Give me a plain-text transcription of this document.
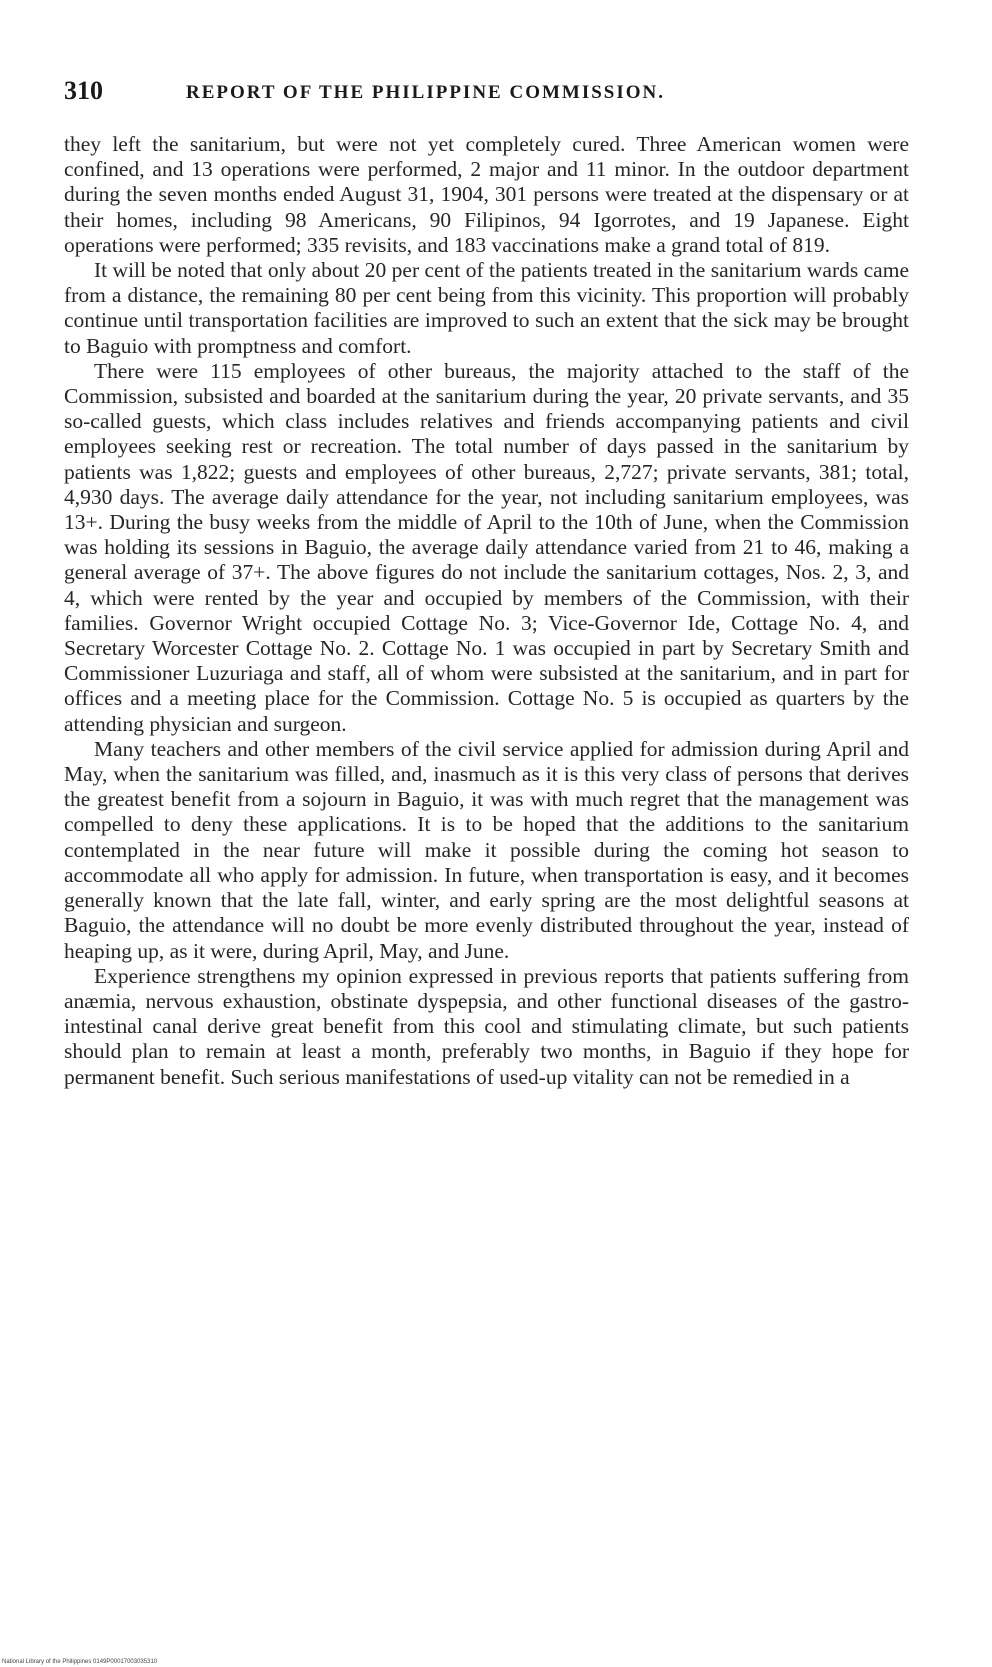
310	REPORT OF THE PHILIPPINE COMMISSION.

they left the sanitarium, but were not yet completely cured. Three American women were confined, and 13 operations were performed, 2 major and 11 minor. In the outdoor department during the seven months ended August 31, 1904, 301 persons were treated at the dispensary or at their homes, including 98 Americans, 90 Filipinos, 94 Igorrotes, and 19 Japanese. Eight operations were performed; 335 revisits, and 183 vaccinations make a grand total of 819.

It will be noted that only about 20 per cent of the patients treated in the sanitarium wards came from a distance, the remaining 80 per cent being from this vicinity. This proportion will probably continue until transportation facilities are improved to such an extent that the sick may be brought to Baguio with promptness and comfort.

There were 115 employees of other bureaus, the majority attached to the staff of the Commission, subsisted and boarded at the sanitarium during the year, 20 private servants, and 35 so-called guests, which class includes relatives and friends accompanying patients and civil employees seeking rest or recreation. The total number of days passed in the sanitarium by patients was 1,822; guests and employees of other bureaus, 2,727; private servants, 381; total, 4,930 days. The average daily attendance for the year, not including sanitarium employees, was 13+. During the busy weeks from the middle of April to the 10th of June, when the Commission was holding its sessions in Baguio, the average daily attendance varied from 21 to 46, making a general average of 37+. The above figures do not include the sanitarium cottages, Nos. 2, 3, and 4, which were rented by the year and occupied by members of the Commission, with their families. Governor Wright occupied Cottage No. 3; Vice-Governor Ide, Cottage No. 4, and Secretary Worcester Cottage No. 2. Cottage No. 1 was occupied in part by Secretary Smith and Commissioner Luzuriaga and staff, all of whom were subsisted at the sanitarium, and in part for offices and a meeting place for the Commission. Cottage No. 5 is occupied as quarters by the attending physician and surgeon.

Many teachers and other members of the civil service applied for admission during April and May, when the sanitarium was filled, and, inasmuch as it is this very class of persons that derives the greatest benefit from a sojourn in Baguio, it was with much regret that the management was compelled to deny these applications. It is to be hoped that the additions to the sanitarium contemplated in the near future will make it possible during the coming hot season to accommodate all who apply for admission. In future, when transportation is easy, and it becomes generally known that the late fall, winter, and early spring are the most delightful seasons at Baguio, the attendance will no doubt be more evenly distributed throughout the year, instead of heaping up, as it were, during April, May, and June.

Experience strengthens my opinion expressed in previous reports that patients suffering from anæmia, nervous exhaustion, obstinate dyspepsia, and other functional diseases of the gastro-intestinal canal derive great benefit from this cool and stimulating climate, but such patients should plan to remain at least a month, preferably two months, in Baguio if they hope for permanent benefit. Such serious manifestations of used-up vitality can not be remedied in a

National Library of the Philippines 0149P00017003035310
